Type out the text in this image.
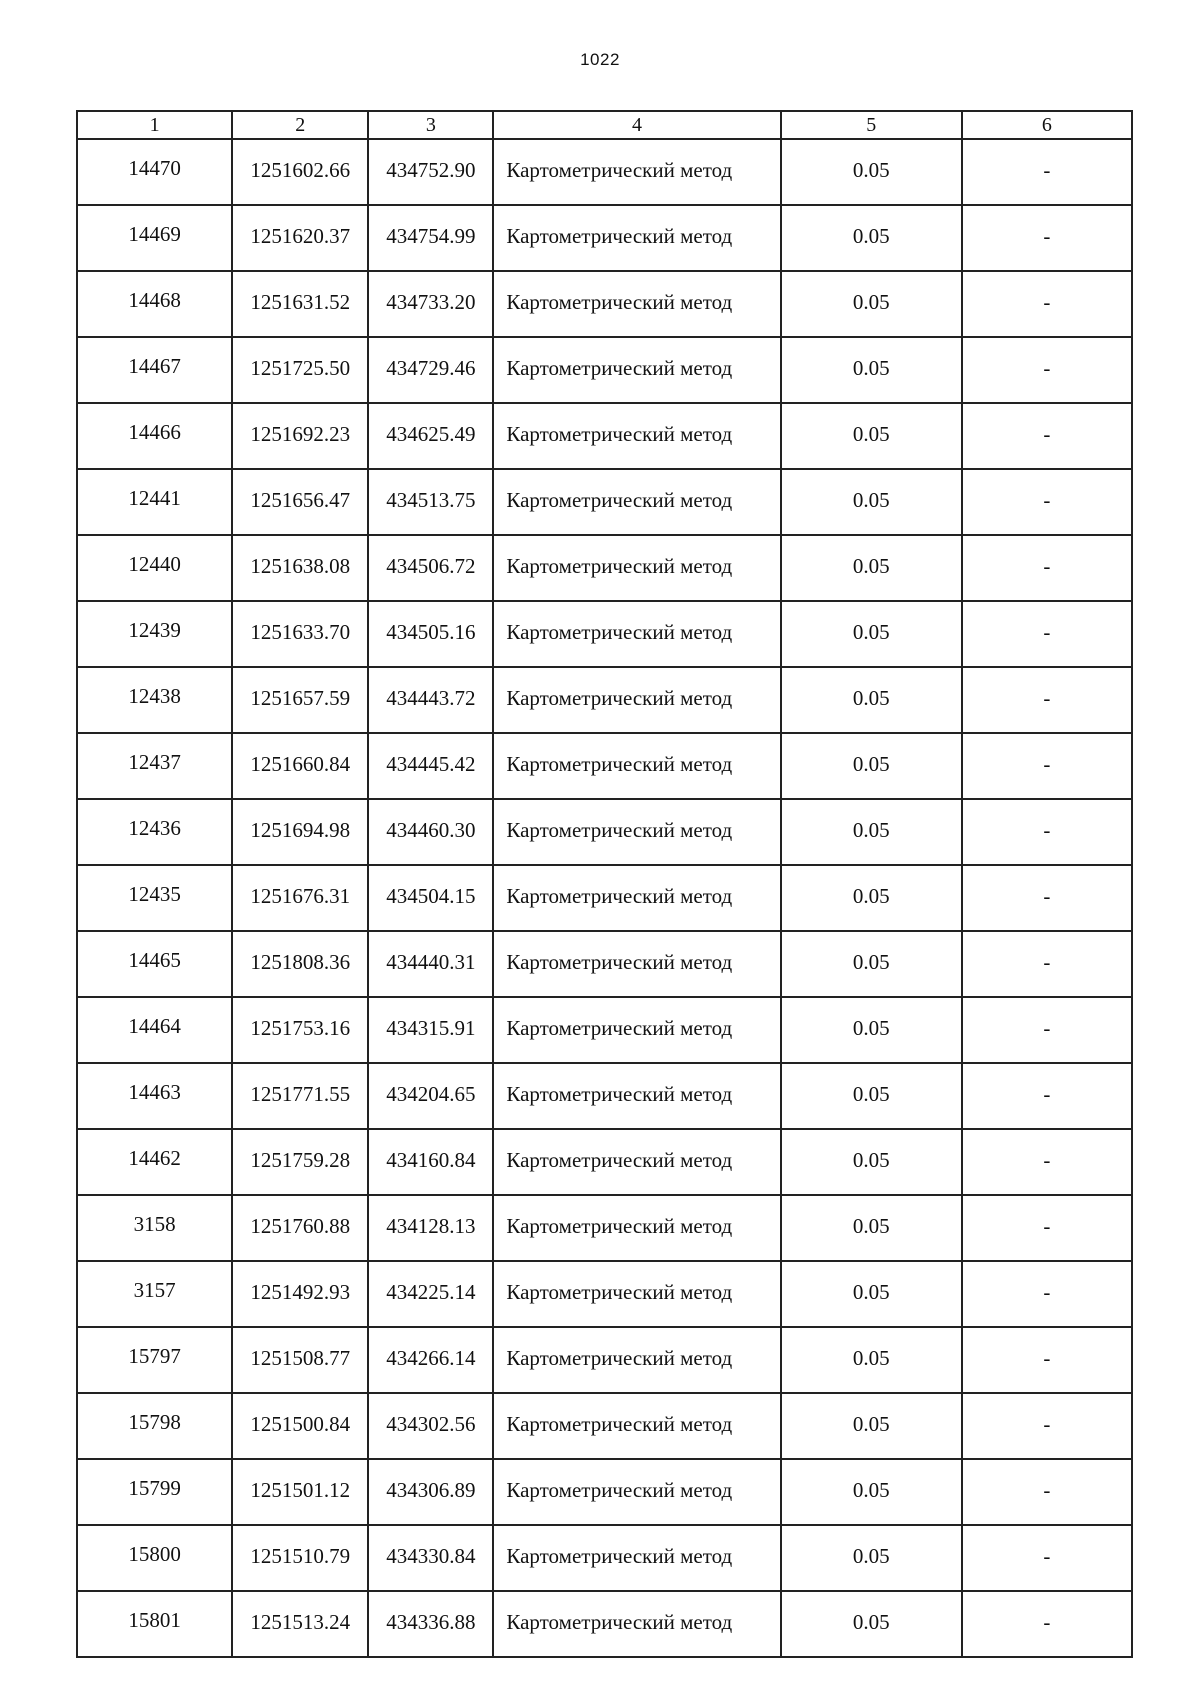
1022
1	2	3	4	5	6
14470	1251602.66	434752.90	Картометрический метод	0.05	-
14469	1251620.37	434754.99	Картометрический метод	0.05	-
14468	1251631.52	434733.20	Картометрический метод	0.05	-
14467	1251725.50	434729.46	Картометрический метод	0.05	-
14466	1251692.23	434625.49	Картометрический метод	0.05	-
12441	1251656.47	434513.75	Картометрический метод	0.05	-
12440	1251638.08	434506.72	Картометрический метод	0.05	-
12439	1251633.70	434505.16	Картометрический метод	0.05	-
12438	1251657.59	434443.72	Картометрический метод	0.05	-
12437	1251660.84	434445.42	Картометрический метод	0.05	-
12436	1251694.98	434460.30	Картометрический метод	0.05	-
12435	1251676.31	434504.15	Картометрический метод	0.05	-
14465	1251808.36	434440.31	Картометрический метод	0.05	-
14464	1251753.16	434315.91	Картометрический метод	0.05	-
14463	1251771.55	434204.65	Картометрический метод	0.05	-
14462	1251759.28	434160.84	Картометрический метод	0.05	-
3158	1251760.88	434128.13	Картометрический метод	0.05	-
3157	1251492.93	434225.14	Картометрический метод	0.05	-
15797	1251508.77	434266.14	Картометрический метод	0.05	-
15798	1251500.84	434302.56	Картометрический метод	0.05	-
15799	1251501.12	434306.89	Картометрический метод	0.05	-
15800	1251510.79	434330.84	Картометрический метод	0.05	-
15801	1251513.24	434336.88	Картометрический метод	0.05	-
